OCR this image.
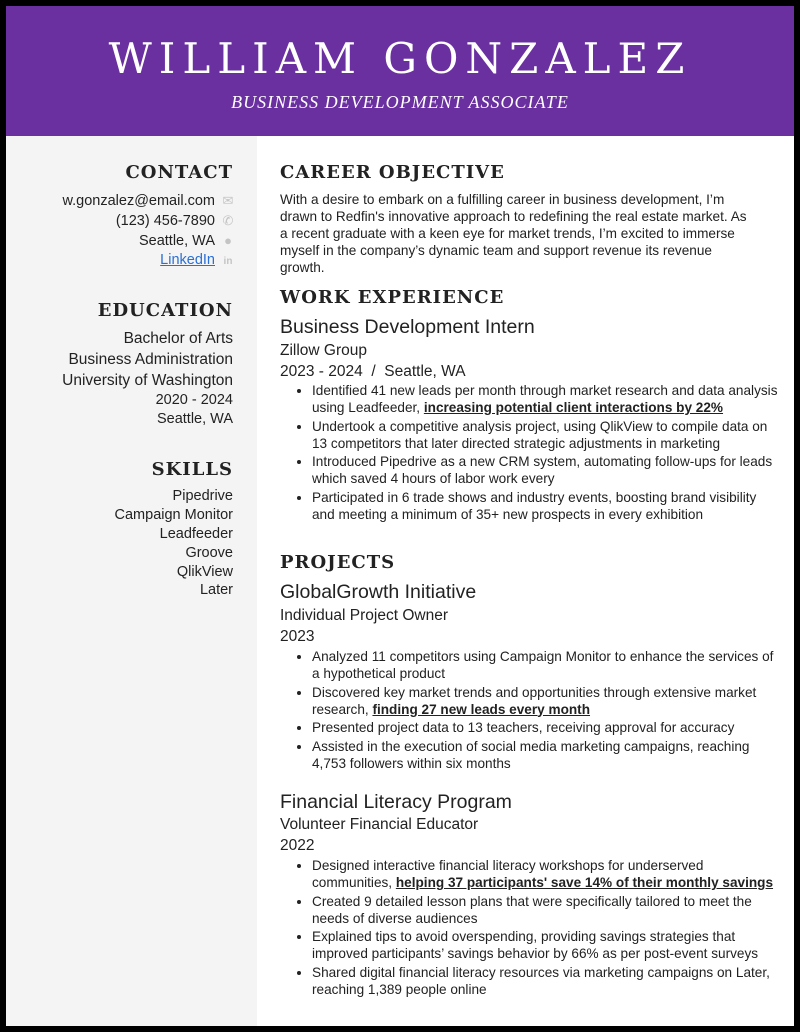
WILLIAM GONZALEZ
BUSINESS DEVELOPMENT ASSOCIATE
CONTACT
w.gonzalez@email.com ✉
(123) 456-7890 ✆
Seattle, WA ●
LinkedIn in
EDUCATION
Bachelor of Arts
Business Administration
University of Washington
2020 - 2024
Seattle, WA
SKILLS
Pipedrive
Campaign Monitor
Leadfeeder
Groove
QlikView
Later
CAREER OBJECTIVE
With a desire to embark on a fulfilling career in business development, I’m drawn to Redfin's innovative approach to redefining the real estate market. As a recent graduate with a keen eye for market trends, I’m excited to immerse myself in the company’s dynamic team and support revenue its revenue growth.
WORK EXPERIENCE
Business Development Intern
Zillow Group
2023 - 2024  /  Seattle, WA
• Identified 41 new leads per month through market research and data analysis using Leadfeeder, increasing potential client interactions by 22%
• Undertook a competitive analysis project, using QlikView to compile data on 13 competitors that later directed strategic adjustments in marketing
• Introduced Pipedrive as a new CRM system, automating follow-ups for leads which saved 4 hours of labor work every
• Participated in 6 trade shows and industry events, boosting brand visibility and meeting a minimum of 35+ new prospects in every exhibition
PROJECTS
GlobalGrowth Initiative
Individual Project Owner
2023
• Analyzed 11 competitors using Campaign Monitor to enhance the services of a hypothetical product
• Discovered key market trends and opportunities through extensive market research, finding 27 new leads every month
• Presented project data to 13 teachers, receiving approval for accuracy
• Assisted in the execution of social media marketing campaigns, reaching 4,753 followers within six months
Financial Literacy Program
Volunteer Financial Educator
2022
• Designed interactive financial literacy workshops for underserved communities, helping 37 participants' save 14% of their monthly savings
• Created 9 detailed lesson plans that were specifically tailored to meet the needs of diverse audiences
• Explained tips to avoid overspending, providing savings strategies that improved participants’ savings behavior by 66% as per post-event surveys
• Shared digital financial literacy resources via marketing campaigns on Later, reaching 1,389 people online
